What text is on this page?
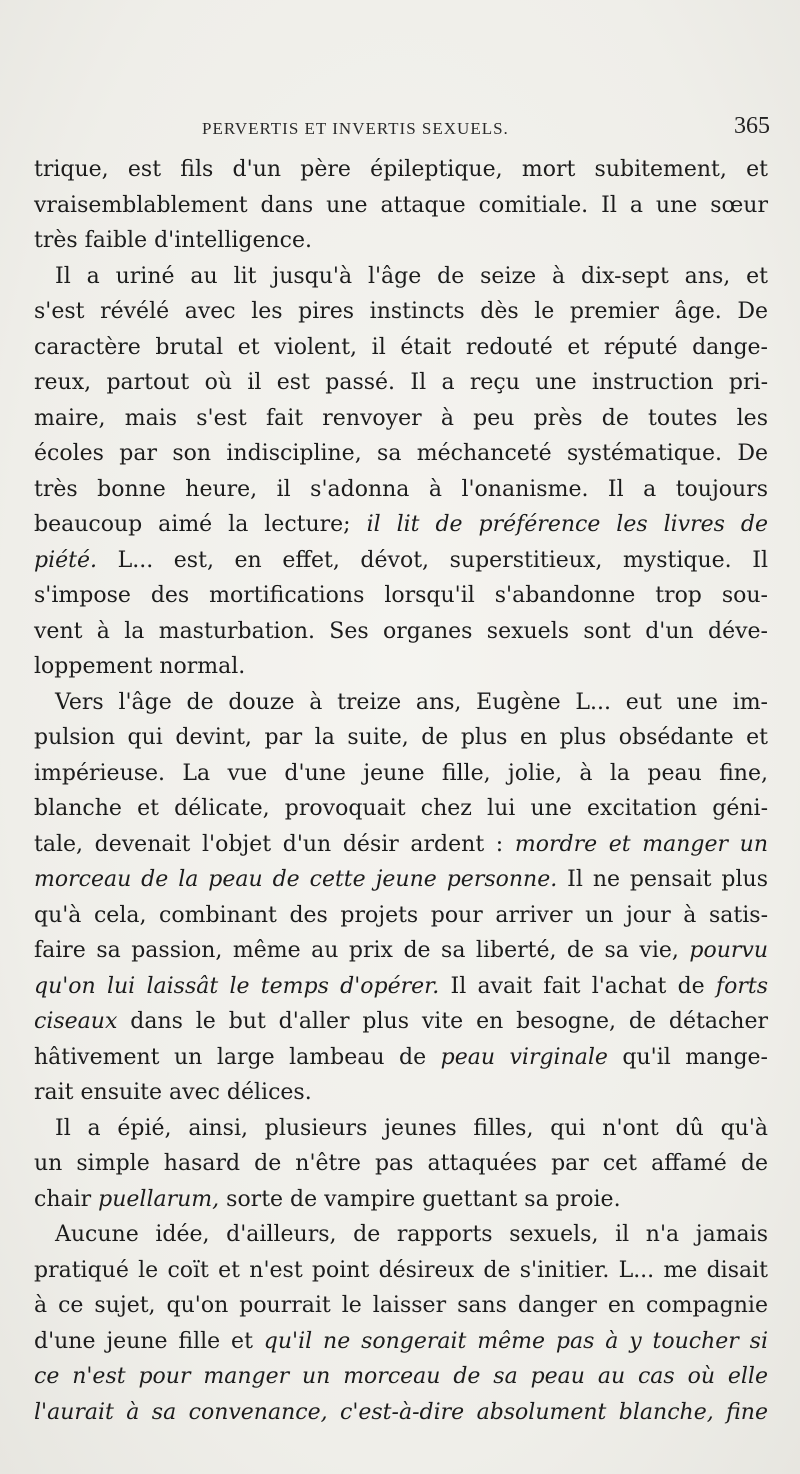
PERVERTIS ET INVERTIS SEXUELS.	365
trique, est fils d'un père épileptique, mort subitement, et
vraisemblablement dans une attaque comitiale. Il a une sœur
très faible d'intelligence.
Il a uriné au lit jusqu'à l'âge de seize à dix-sept ans, et
s'est révélé avec les pires instincts dès le premier âge. De
caractère brutal et violent, il était redouté et réputé dange-
reux, partout où il est passé. Il a reçu une instruction pri-
maire, mais s'est fait renvoyer à peu près de toutes les
écoles par son indiscipline, sa méchanceté systématique. De
très bonne heure, il s'adonna à l'onanisme. Il a toujours
beaucoup aimé la lecture; il lit de préférence les livres de
piété. L... est, en effet, dévot, superstitieux, mystique. Il
s'impose des mortifications lorsqu'il s'abandonne trop sou-
vent à la masturbation. Ses organes sexuels sont d'un déve-
loppement normal.
Vers l'âge de douze à treize ans, Eugène L... eut une im-
pulsion qui devint, par la suite, de plus en plus obsédante et
impérieuse. La vue d'une jeune fille, jolie, à la peau fine,
blanche et délicate, provoquait chez lui une excitation géni-
tale, devenait l'objet d'un désir ardent : mordre et manger un
morceau de la peau de cette jeune personne. Il ne pensait plus
qu'à cela, combinant des projets pour arriver un jour à satis-
faire sa passion, même au prix de sa liberté, de sa vie, pourvu
qu'on lui laissât le temps d'opérer. Il avait fait l'achat de forts
ciseaux dans le but d'aller plus vite en besogne, de détacher
hâtivement un large lambeau de peau virginale qu'il mange-
rait ensuite avec délices.
Il a épié, ainsi, plusieurs jeunes filles, qui n'ont dû qu'à
un simple hasard de n'être pas attaquées par cet affamé de
chair puellarum, sorte de vampire guettant sa proie.
Aucune idée, d'ailleurs, de rapports sexuels, il n'a jamais
pratiqué le coït et n'est point désireux de s'initier. L... me disait
à ce sujet, qu'on pourrait le laisser sans danger en compagnie
d'une jeune fille et qu'il ne songerait même pas à y toucher si
ce n'est pour manger un morceau de sa peau au cas où elle
l'aurait à sa convenance, c'est-à-dire absolument blanche, fine
